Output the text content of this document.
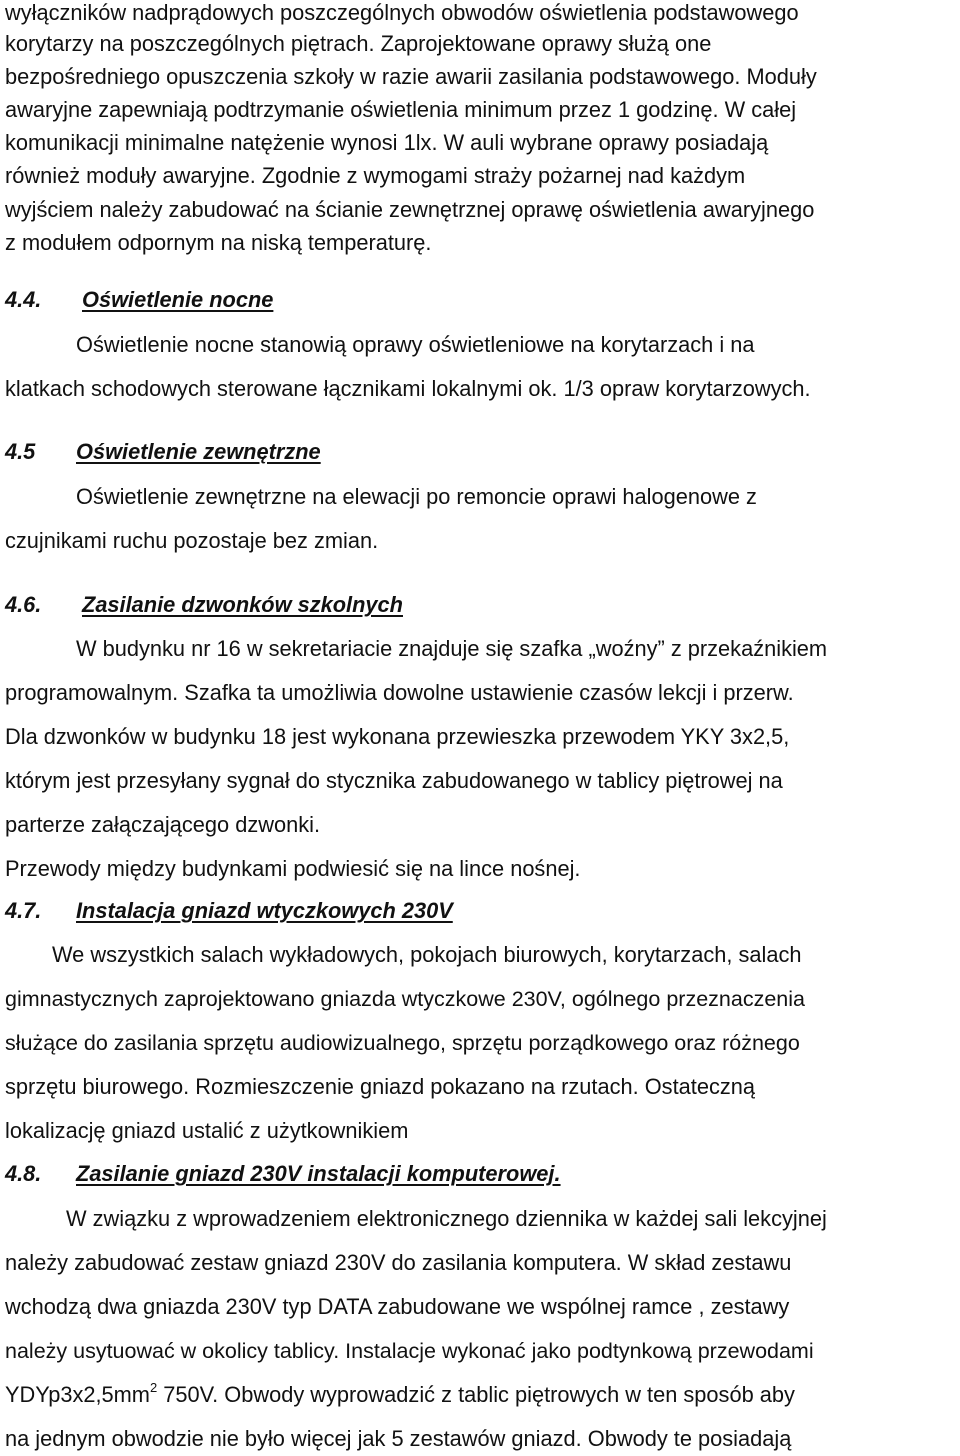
wyłączników nadprądowych poszczególnych obwodów oświetlenia podstawowego
korytarzy na poszczególnych piętrach. Zaprojektowane oprawy służą one
bezpośredniego opuszczenia szkoły w razie awarii zasilania podstawowego. Moduły
awaryjne zapewniają podtrzymanie oświetlenia minimum przez 1 godzinę. W całej
komunikacji minimalne natężenie wynosi 1lx. W auli wybrane oprawy posiadają
również moduły awaryjne. Zgodnie z wymogami straży pożarnej nad każdym
wyjściem należy zabudować na ścianie zewnętrznej oprawę oświetlenia awaryjnego
z modułem odpornym na niską temperaturę.
4.4. Oświetlenie nocne
Oświetlenie nocne stanowią oprawy oświetleniowe na korytarzach i na
klatkach schodowych sterowane łącznikami lokalnymi ok. 1/3 opraw korytarzowych.
4.5 Oświetlenie zewnętrzne
Oświetlenie zewnętrzne na elewacji po remoncie oprawi halogenowe z
czujnikami ruchu pozostaje bez zmian.
4.6. Zasilanie dzwonków szkolnych
W budynku nr 16 w sekretariacie znajduje się szafka „woźny” z przekaźnikiem
programowalnym. Szafka ta umożliwia dowolne ustawienie czasów lekcji i przerw.
Dla dzwonków w budynku 18 jest wykonana przewieszka przewodem YKY 3x2,5,
którym jest przesyłany sygnał do stycznika zabudowanego w tablicy piętrowej na
parterze załączającego dzwonki.
Przewody między budynkami podwiesić się na lince nośnej.
4.7. Instalacja gniazd wtyczkowych 230V
We wszystkich salach wykładowych, pokojach biurowych, korytarzach, salach
gimnastycznych zaprojektowano gniazda wtyczkowe 230V, ogólnego przeznaczenia
służące do zasilania sprzętu audiowizualnego, sprzętu porządkowego oraz różnego
sprzętu biurowego. Rozmieszczenie gniazd pokazano na rzutach. Ostateczną
lokalizację gniazd ustalić z użytkownikiem
4.8. Zasilanie gniazd 230V instalacji komputerowej.
W związku z wprowadzeniem elektronicznego dziennika w każdej sali lekcyjnej
należy zabudować zestaw gniazd 230V do zasilania komputera. W skład zestawu
wchodzą dwa gniazda 230V typ DATA zabudowane we wspólnej ramce , zestawy
należy usytuować w okolicy tablicy. Instalacje wykonać jako podtynkową przewodami
$YDYp3x2,5mm^2$ 750V. Obwody wyprowadzić z tablic piętrowych w ten sposób aby
na jednym obwodzie nie było więcej jak 5 zestawów gniazd. Obwody te posiadają
